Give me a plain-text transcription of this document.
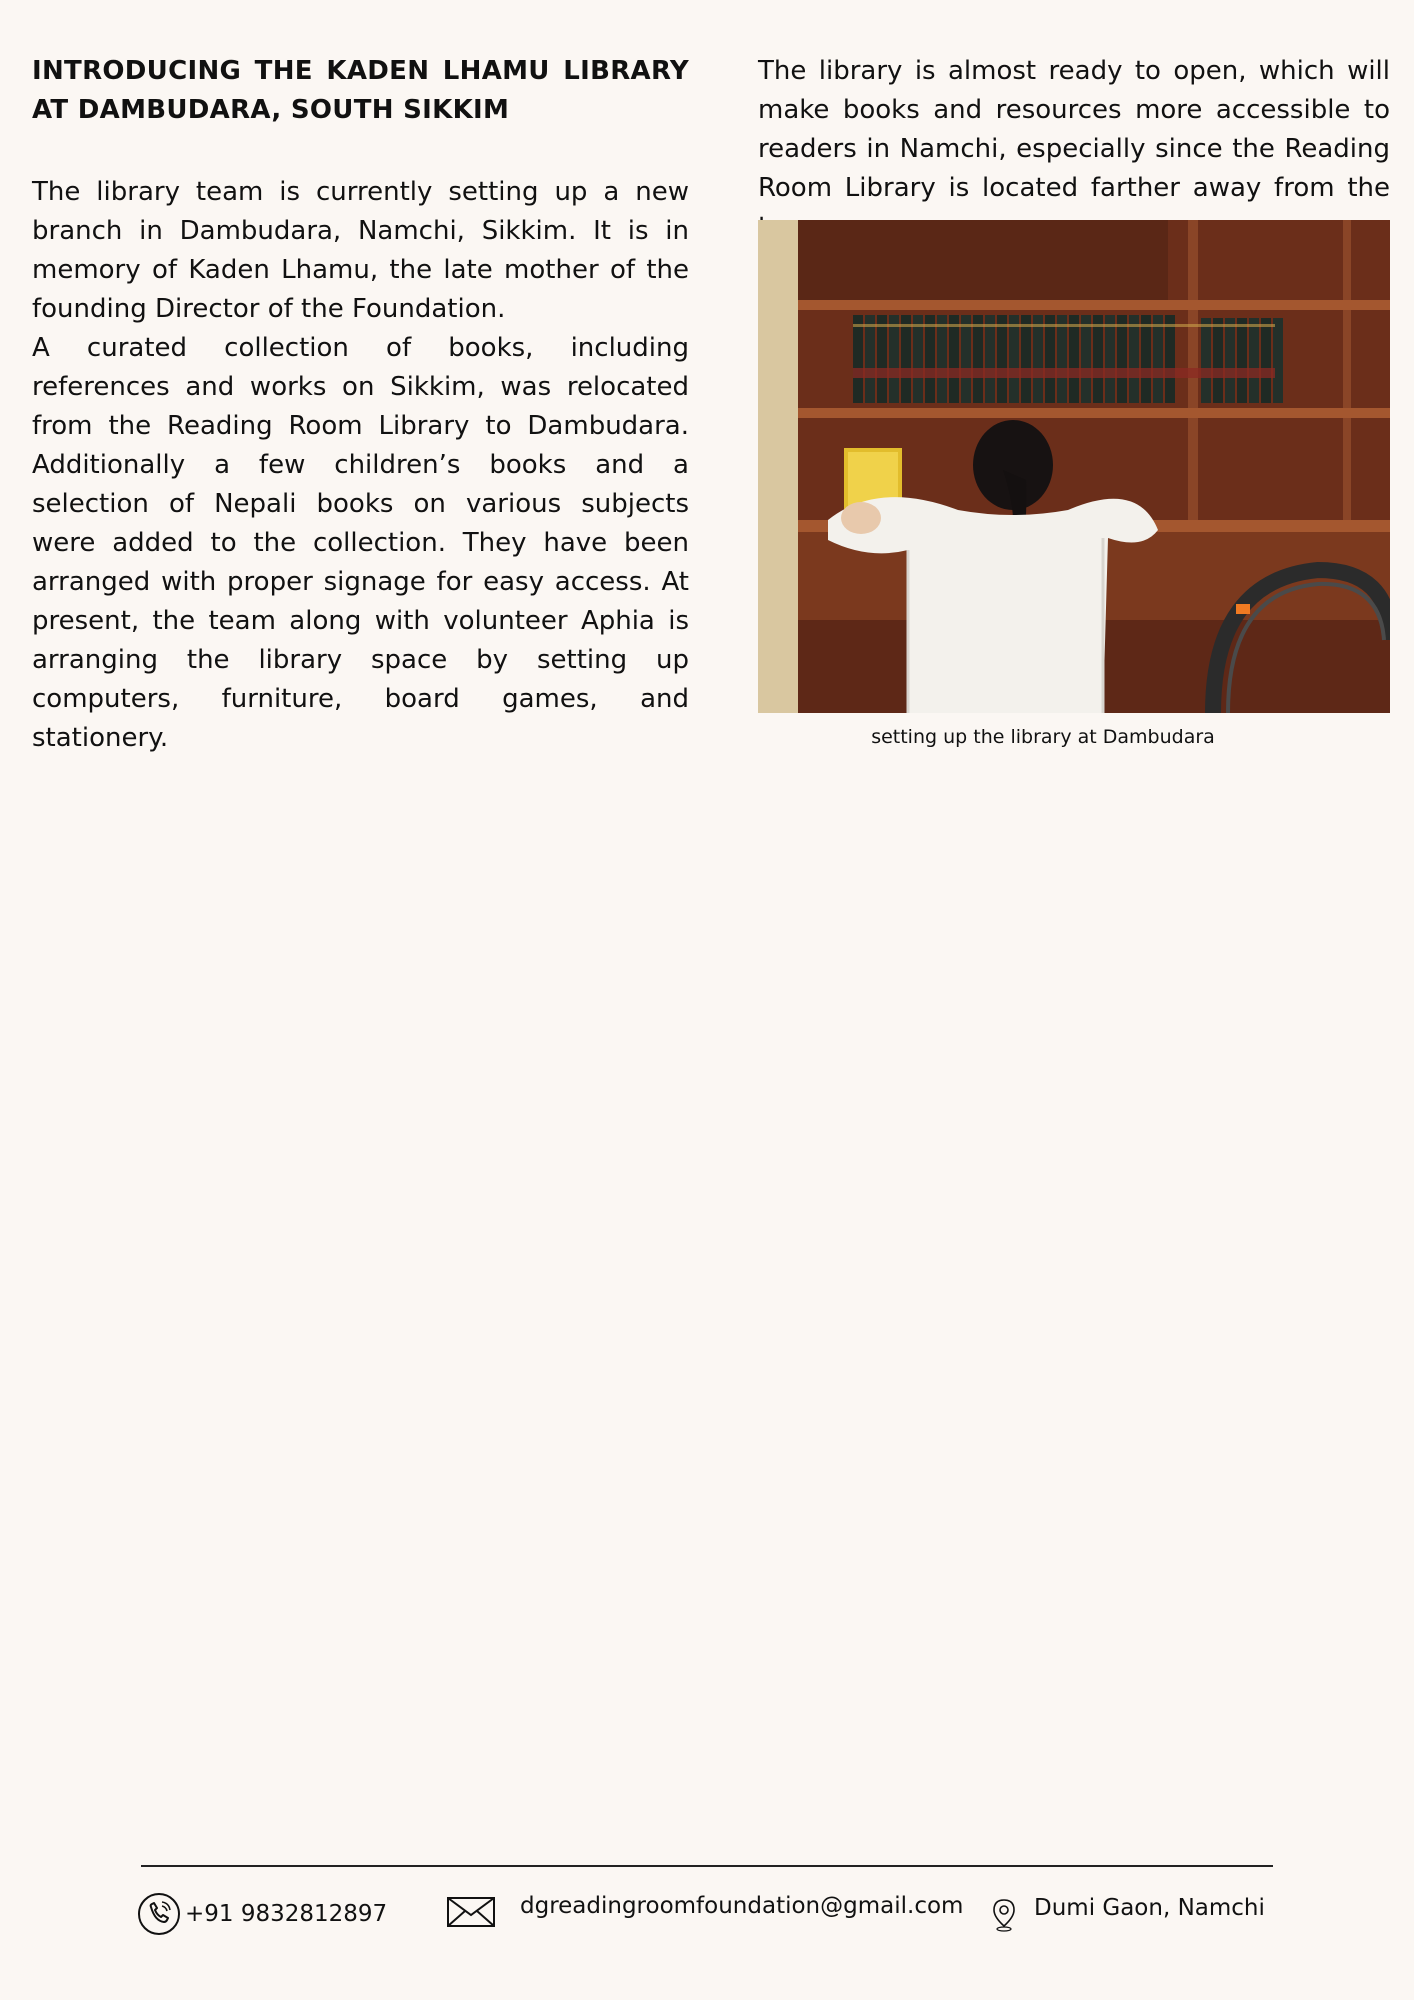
INTRODUCING THE KADEN LHAMU LIBRARY AT DAMBUDARA, SOUTH SIKKIM

The library team is currently setting up a new branch in Dambudara, Namchi, Sikkim. It is in memory of Kaden Lhamu, the late mother of the founding Director of the Foundation.

A curated collection of books, including references and works on Sikkim, was relocated from the Reading Room Library to Dambudara. Additionally a few children’s books and a selection of Nepali books on various subjects were added to the collection. They have been arranged with proper signage for easy access. At present, the team along with volunteer Aphia is arranging the library space by setting up computers, furniture, board games, and stationery.

The library is almost ready to open, which will make books and resources more accessible to readers in Namchi, especially since the Reading Room Library is located farther away from the

setting up the library at Dambudara
+91 9832812897	dgreadingroomfoundation@gmail.com	Dumi Gaon, Namchi
